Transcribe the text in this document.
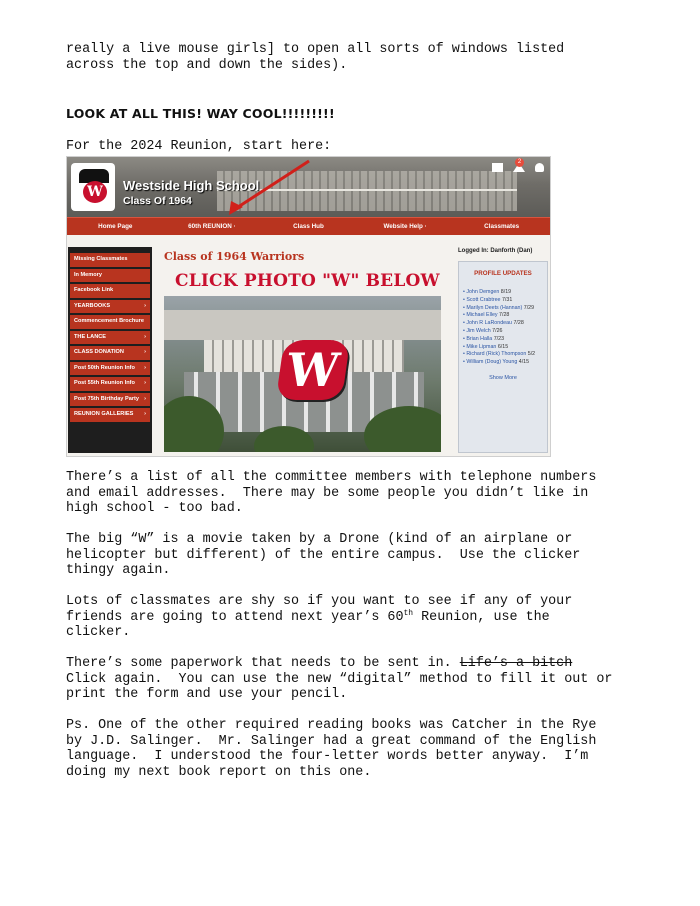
really a live mouse girls] to open all sorts of windows listed
across the top and down the sides).
LOOK AT ALL THIS! WAY COOL!!!!!!!!!
For the 2024 Reunion, start here:
W	Westside High School
Class Of 1964
2
Home Page	60th REUNION ·	Class Hub	Website Help ·	Classmates
Missing Classmates
In Memory
Facebook Link
YEARBOOKS	›
Commencement Brochure
THE LANCE	›
CLASS DONATION	›
Post 50th Reunion Info ›
Post 55th Reunion Info ›
Post 75th Birthday Party ›
REUNION GALLERIES ›
Class of 1964 Warriors
CLICK PHOTO "W" BELOW
W
Logged In: Danforth (Dan)
PROFILE UPDATES
• John Demgen 8/19
• Scott Crabtree 7/31
• Marilyn Deets (Hannan) 7/29
• Michael Elley 7/28
• John R LaRondeau 7/28
• Jim Welch 7/26
• Brian Halla 7/23
• Mike Lipman 6/15
• Richard (Rick) Thompson 5/2
• William (Doug) Young 4/15
Show More
There’s a list of all the committee members with telephone numbers
and email addresses.  There may be some people you didn’t like in
high school - too bad.
The big “W” is a movie taken by a Drone (kind of an airplane or
helicopter but different) of the entire campus.  Use the clicker
thingy again.
Lots of classmates are shy so if you want to see if any of your
friends are going to attend next year’s 60th Reunion, use the
clicker.
There’s some paperwork that needs to be sent in. Life’s a bitch
Click again.  You can use the new “digital” method to fill it out or
print the form and use your pencil.
Ps. One of the other required reading books was Catcher in the Rye
by J.D. Salinger.  Mr. Salinger had a great command of the English
language.  I understood the four-letter words better anyway.  I’m
doing my next book report on this one.
